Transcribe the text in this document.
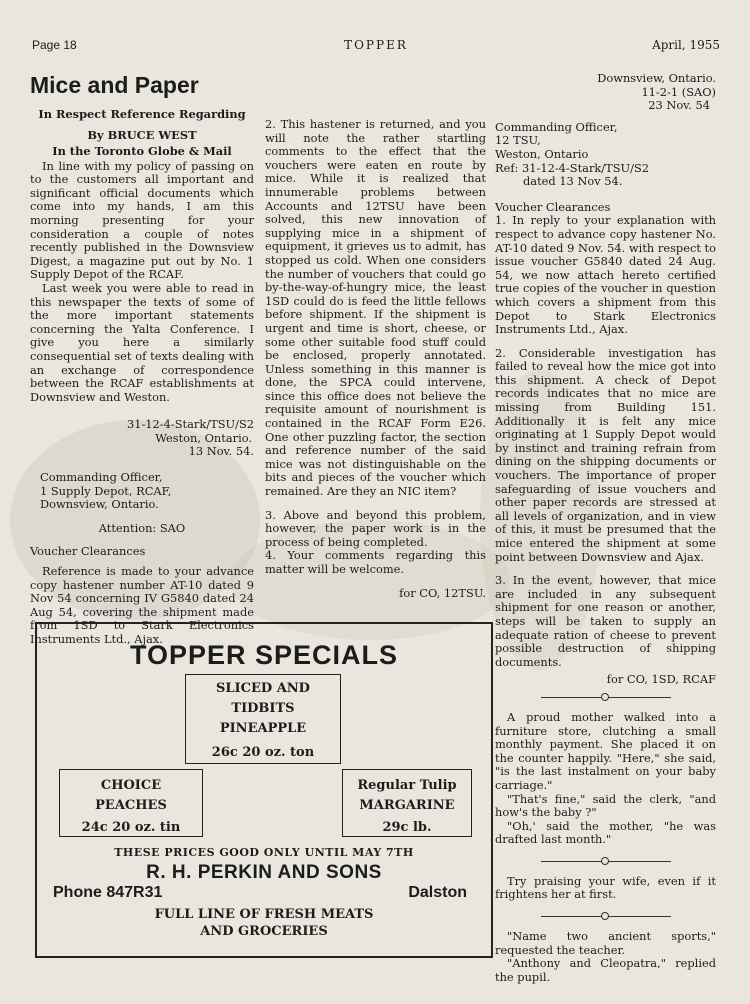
Page 18	TOPPER	April, 1955
Mice and Paper
In Respect Reference Regarding
By BRUCE WEST
In the Toronto Globe & Mail

In line with my policy of passing on to the customers all important and significant official documents which come into my hands, I am this morning presenting for your consideration a couple of notes recently published in the Downsview Digest, a magazine put out by No. 1 Supply Depot of the RCAF.

Last week you were able to read in this newspaper the texts of some of the more important statements concerning the Yalta Conference. I give you here a similarly consequential set of texts dealing with an exchange of correspondence between the RCAF establishments at Downsview and Weston.

31-12-4-Stark/TSU/S2
Weston, Ontario.
13 Nov. 54.
Commanding Officer,
1 Supply Depot, RCAF,
Downsview, Ontario.
Attention: SAO
Voucher Clearances

Reference is made to your advance copy hastener number AT-10 dated 9 Nov 54 concerning IV G5840 dated 24 Aug 54, covering the shipment made from 1SD to Stark Electronics Instruments Ltd., Ajax.

2. This hastener is returned, and you will note the rather startling comments to the effect that the vouchers were eaten en route by mice. While it is realized that innumerable problems between Accounts and 12TSU have been solved, this new innovation of supplying mice in a shipment of equipment, it grieves us to admit, has stopped us cold. When one considers the number of vouchers that could go by-the-way-of-hungry mice, the least 1SD could do is feed the little fellows before shipment. If the shipment is urgent and time is short, cheese, or some other suitable food stuff could be enclosed, properly annotated. Unless something in this manner is done, the SPCA could intervene, since this office does not believe the requisite amount of nourishment is contained in the RCAF Form E26. One other puzzling factor, the section and reference number of the said mice was not distinguishable on the bits and pieces of the voucher which remained. Are they an NIC item?

3. Above and beyond this problem, however, the paper work is in the process of being completed.

4. Your comments regarding this matter will be welcome.

for CO, 12TSU.
Downsview, Ontario.
11-2-1 (SAO)
23 Nov. 54
Commanding Officer,
12 TSU,
Weston, Ontario
Ref: 31-12-4-Stark/TSU/S2
dated 13 Nov 54.
Voucher Clearances

1. In reply to your explanation with respect to advance copy hastener No. AT-10 dated 9 Nov. 54. with respect to issue voucher G5840 dated 24 Aug. 54, we now attach hereto certified true copies of the voucher in question which covers a shipment from this Depot to Stark Electronics Instruments Ltd., Ajax.

2. Considerable investigation has failed to reveal how the mice got into this shipment. A check of Depot records indicates that no mice are missing from Building 151. Additionally it is felt any mice originating at 1 Supply Depot would by instinct and training refrain from dining on the shipping documents or vouchers. The importance of proper safeguarding of issue vouchers and other paper records are stressed at all levels of organization, and in view of this, it must be presumed that the mice entered the shipment at some point between Downsview and Ajax.

3. In the event, however, that mice are included in any subsequent shipment for one reason or another, steps will be taken to supply an adequate ration of cheese to prevent possible destruction of shipping documents.

for CO, 1SD, RCAF

A proud mother walked into a furniture store, clutching a small monthly payment. She placed it on the counter happily. "Here," she said, "is the last instalment on your baby carriage."

"That's fine," said the clerk, "and how's the baby ?"

"Oh,' said the mother, "he was drafted last month."

Try praising your wife, even if it frightens her at first.

"Name two ancient sports," requested the teacher.

"Anthony and Cleopatra," replied the pupil.

TOPPER SPECIALS
SLICED AND
TIDBITS
PINEAPPLE
26c 20 oz. ton
CHOICE
PEACHES
24c 20 oz. tin
Regular Tulip
MARGARINE
29c lb.
THESE PRICES GOOD ONLY UNTIL MAY 7TH
R. H. PERKIN AND SONS
Phone 847R31	Dalston
FULL LINE OF FRESH MEATS
AND GROCERIES
